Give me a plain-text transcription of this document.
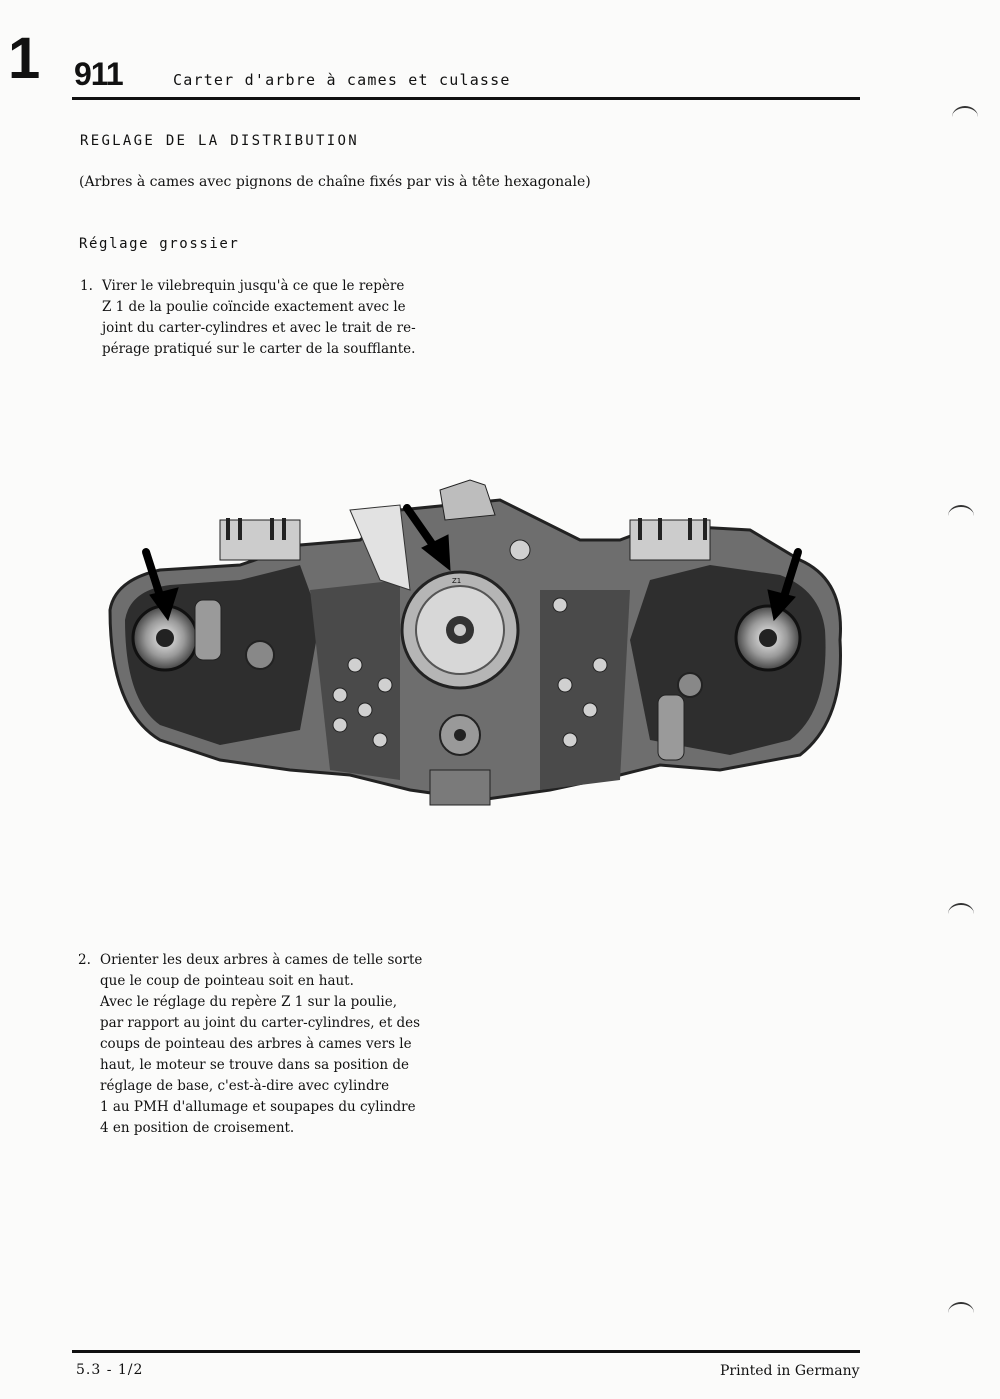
1 911	Carter d'arbre à cames et culasse
REGLAGE DE LA DISTRIBUTION
(Arbres à cames avec pignons de chaîne fixés par vis à tête hexagonale)
Réglage grossier
1. Virer le vilebrequin jusqu'à ce que le repère
Z 1 de la poulie coïncide exactement avec le
joint du carter-cylindres et avec le trait de re-
pérage pratiqué sur le carter de la soufflante.
Z1
2. Orienter les deux arbres à cames de telle sorte
que le coup de pointeau soit en haut.
Avec le réglage du repère Z 1 sur la poulie,
par rapport au joint du carter-cylindres, et des
coups de pointeau des arbres à cames vers le
haut, le moteur se trouve dans sa position de
réglage de base, c'est-à-dire avec cylindre
1 au PMH d'allumage et soupapes du cylindre
4 en position de croisement.
5.3 - 1/2	Printed in Germany
